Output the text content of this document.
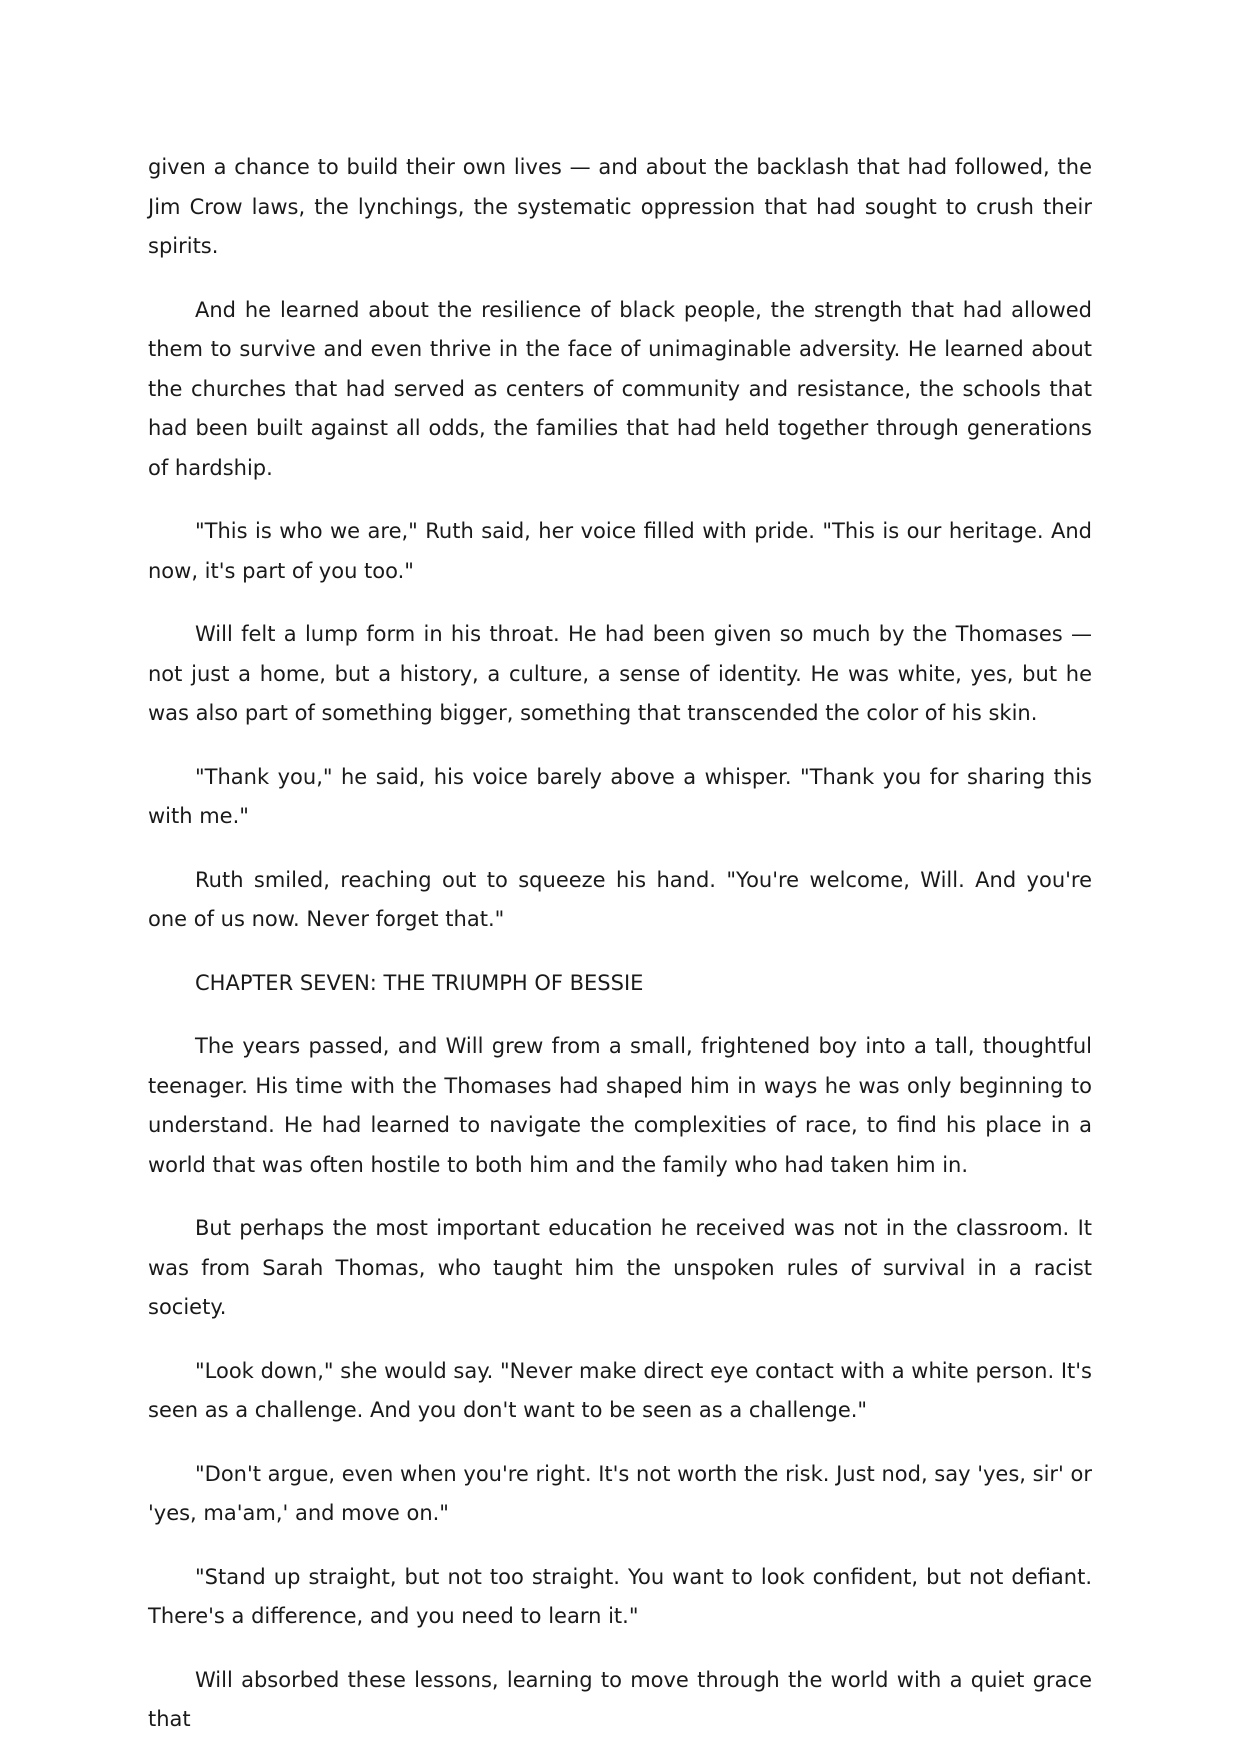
given a chance to build their own lives — and about the backlash that had followed, the Jim Crow laws, the lynchings, the systematic oppression that had sought to crush their spirits.

And he learned about the resilience of black people, the strength that had allowed them to survive and even thrive in the face of unimaginable adversity. He learned about the churches that had served as centers of community and resistance, the schools that had been built against all odds, the families that had held together through generations of hardship.

"This is who we are," Ruth said, her voice filled with pride. "This is our heritage. And now, it's part of you too."

Will felt a lump form in his throat. He had been given so much by the Thomases — not just a home, but a history, a culture, a sense of identity. He was white, yes, but he was also part of something bigger, something that transcended the color of his skin.

"Thank you," he said, his voice barely above a whisper. "Thank you for sharing this with me."

Ruth smiled, reaching out to squeeze his hand. "You're welcome, Will. And you're one of us now. Never forget that."

CHAPTER SEVEN: THE TRIUMPH OF BESSIE

The years passed, and Will grew from a small, frightened boy into a tall, thoughtful teenager. His time with the Thomases had shaped him in ways he was only beginning to understand. He had learned to navigate the complexities of race, to find his place in a world that was often hostile to both him and the family who had taken him in.

But perhaps the most important education he received was not in the classroom. It was from Sarah Thomas, who taught him the unspoken rules of survival in a racist society.

"Look down," she would say. "Never make direct eye contact with a white person. It's seen as a challenge. And you don't want to be seen as a challenge."

"Don't argue, even when you're right. It's not worth the risk. Just nod, say 'yes, sir' or 'yes, ma'am,' and move on."

"Stand up straight, but not too straight. You want to look confident, but not defiant. There's a difference, and you need to learn it."

Will absorbed these lessons, learning to move through the world with a quiet grace that
